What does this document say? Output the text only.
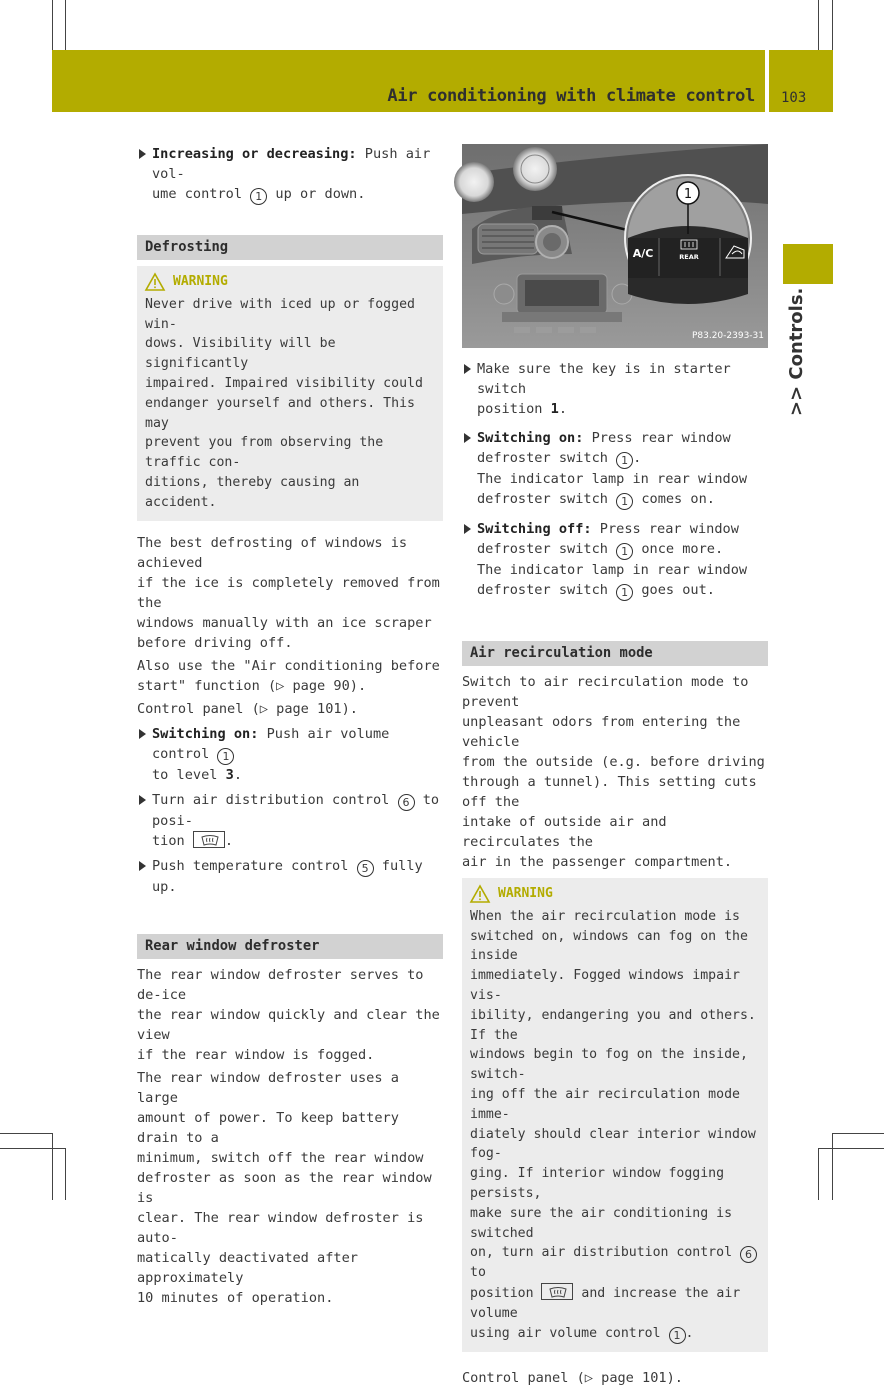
Air conditioning with climate control 103
>> Controls.
Increasing or decreasing: Push air vol-
ume control 1 up or down.
Defrosting
WARNING
Never drive with iced up or fogged win-
dows. Visibility will be significantly
impaired. Impaired visibility could
endanger yourself and others. This may
prevent you from observing the traffic con-
ditions, thereby causing an accident.
The best defrosting of windows is achieved
if the ice is completely removed from the
windows manually with an ice scraper
before driving off.
Also use the "Air conditioning before
start" function (▷ page 90).
Control panel (▷ page 101).
Switching on: Push air volume control 1
to level 3.
Turn air distribution control 6 to posi-
tion
.
Push temperature control 5 fully up.
Rear window defroster
The rear window defroster serves to de-ice
the rear window quickly and clear the view
if the rear window is fogged.
The rear window defroster uses a large
amount of power. To keep battery drain to a
minimum, switch off the rear window
defroster as soon as the rear window is
clear. The rear window defroster is auto-
matically deactivated after approximately
10 minutes of operation.
A/C	REAR
1
P83.20-2393-31
Make sure the key is in starter switch
position 1.
Switching on: Press rear window
defroster switch 1 .
The indicator lamp in rear window
defroster switch 1 comes on.
Switching off: Press rear window
defroster switch 1 once more.
The indicator lamp in rear window
defroster switch 1 goes out.
Air recirculation mode
Switch to air recirculation mode to prevent
unpleasant odors from entering the vehicle
from the outside (e.g. before driving
through a tunnel). This setting cuts off the
intake of outside air and recirculates the
air in the passenger compartment.
WARNING
When the air recirculation mode is
switched on, windows can fog on the inside
immediately. Fogged windows impair vis-
ibility, endangering you and others. If the
windows begin to fog on the inside, switch-
ing off the air recirculation mode imme-
diately should clear interior window fog-
ging. If interior window fogging persists,
make sure the air conditioning is switched
on, turn air distribution control 6 to
position
and increase the air volume
using air volume control 1 .
Control panel (▷ page 101).
